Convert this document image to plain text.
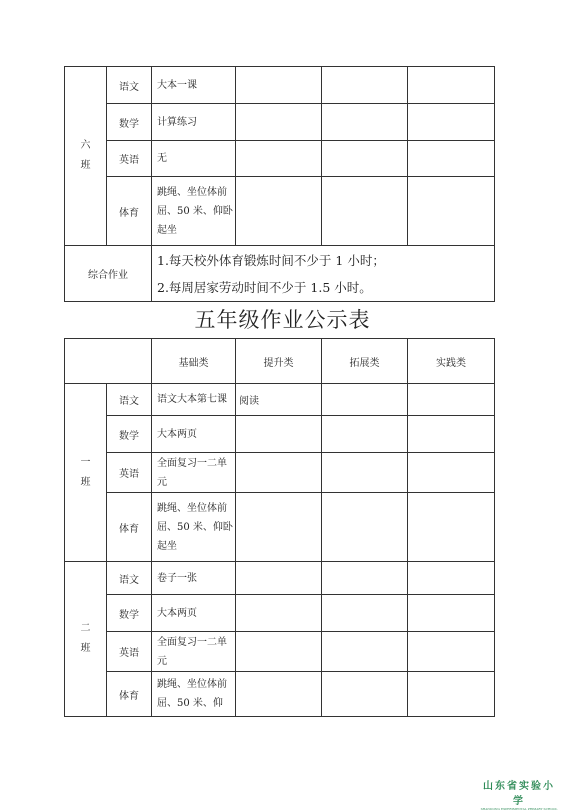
六
班	语文	大本一课			
	数学	计算练习			
	英语	无			
	体育	跳绳、坐位体前屈、50 米、仰卧起坐			
综合作业		1.每天校外体育锻炼时间不少于 1 小时；
2.每周居家劳动时间不少于 1.5 小时。			
五年级作业公示表
		基础类	提升类	拓展类	实践类
一
班	语文	语文大本第七课	阅读		
	数学	大本两页			
	英语	全面复习一二单元			
	体育	跳绳、坐位体前屈、50 米、仰卧起坐			
二
班	语文	卷子一张			
	数学	大本两页			
	英语	全面复习一二单元			
	体育	跳绳、坐位体前屈、50 米、仰			
山东省实验小学
SHANDONG EXPERIMENTAL PRIMARY SCHOOL
